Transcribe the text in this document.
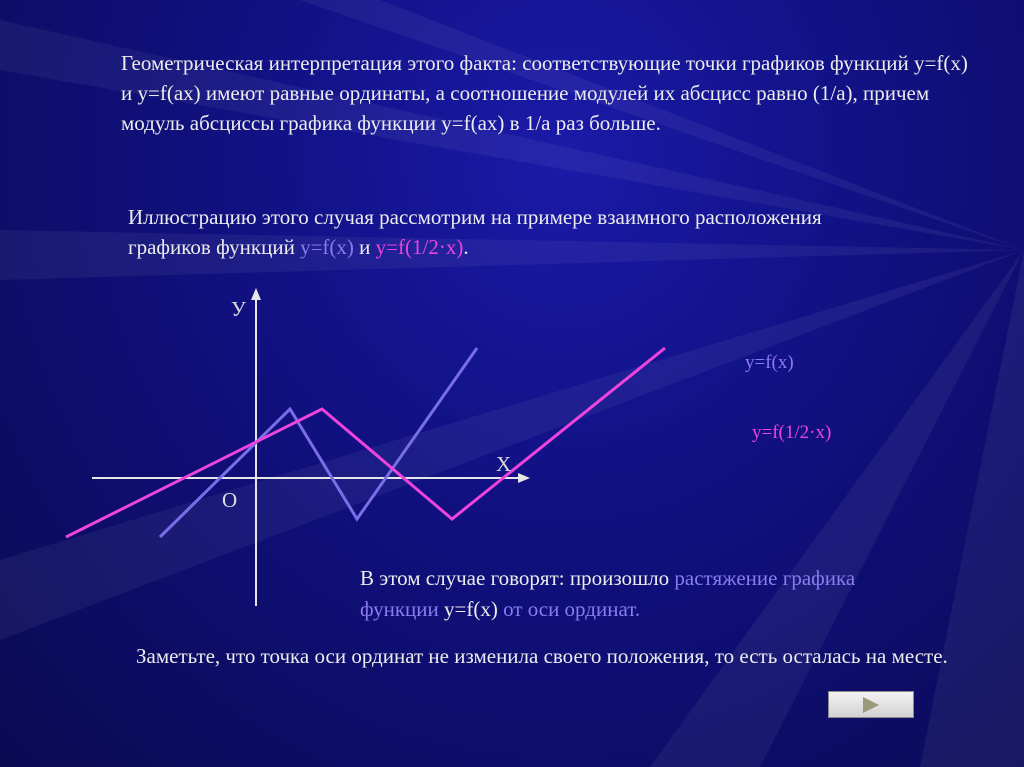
Геометрическая интерпретация этого факта: соответствующие точки графиков функций y=f(x) и y=f(ax) имеют равные ординаты, а соотношение модулей их абсцисс равно (1/a), причем модуль абсциссы графика функции y=f(ax) в 1/a раз больше.

Иллюстрацию этого случая рассмотрим на примере взаимного расположения графиков функций y=f(x) и y=f(1/2·x).

У
Х
О
y=f(x)
y=f(1/2·x)

В этом случае говорят: произошло растяжение графика функции y=f(x) от оси ординат.

Заметьте, что точка оси ординат не изменила своего положения, то есть осталась на месте.
